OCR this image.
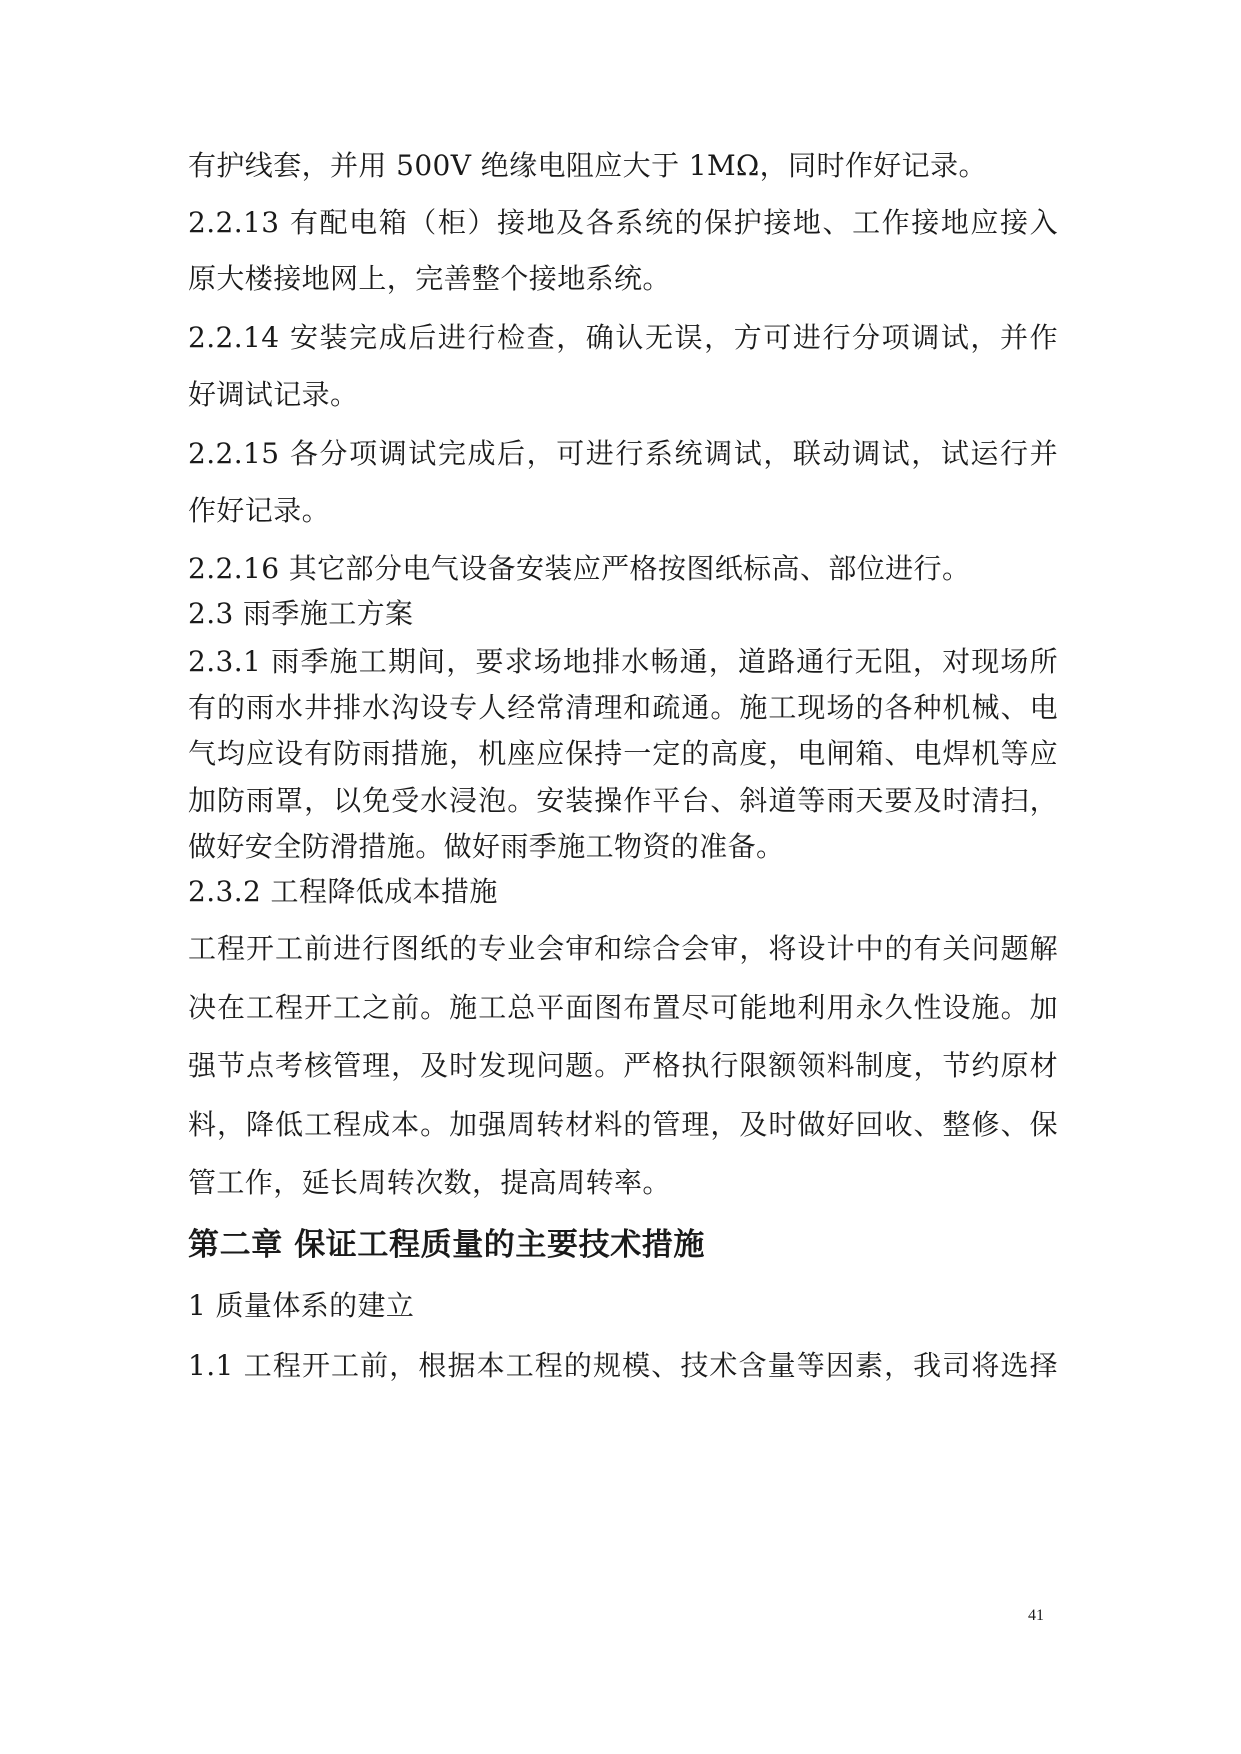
有护线套，并用 500V 绝缘电阻应大于 1MΩ，同时作好记录。
2.2.13 有配电箱（柜）接地及各系统的保护接地、工作接地应接入
原大楼接地网上，完善整个接地系统。
2.2.14 安装完成后进行检查，确认无误，方可进行分项调试，并作
好调试记录。
2.2.15 各分项调试完成后，可进行系统调试，联动调试，试运行并
作好记录。
2.2.16 其它部分电气设备安装应严格按图纸标高、部位进行。
2.3 雨季施工方案
2.3.1 雨季施工期间，要求场地排水畅通，道路通行无阻，对现场所
有的雨水井排水沟设专人经常清理和疏通。施工现场的各种机械、电
气均应设有防雨措施，机座应保持一定的高度，电闸箱、电焊机等应
加防雨罩，以免受水浸泡。安装操作平台、斜道等雨天要及时清扫，
做好安全防滑措施。做好雨季施工物资的准备。
2.3.2 工程降低成本措施
工程开工前进行图纸的专业会审和综合会审，将设计中的有关问题解
决在工程开工之前。施工总平面图布置尽可能地利用永久性设施。加
强节点考核管理，及时发现问题。严格执行限额领料制度，节约原材
料，降低工程成本。加强周转材料的管理，及时做好回收、整修、保
管工作，延长周转次数，提高周转率。
第二章 保证工程质量的主要技术措施
1 质量体系的建立
1.1 工程开工前，根据本工程的规模、技术含量等因素，我司将选择
41
